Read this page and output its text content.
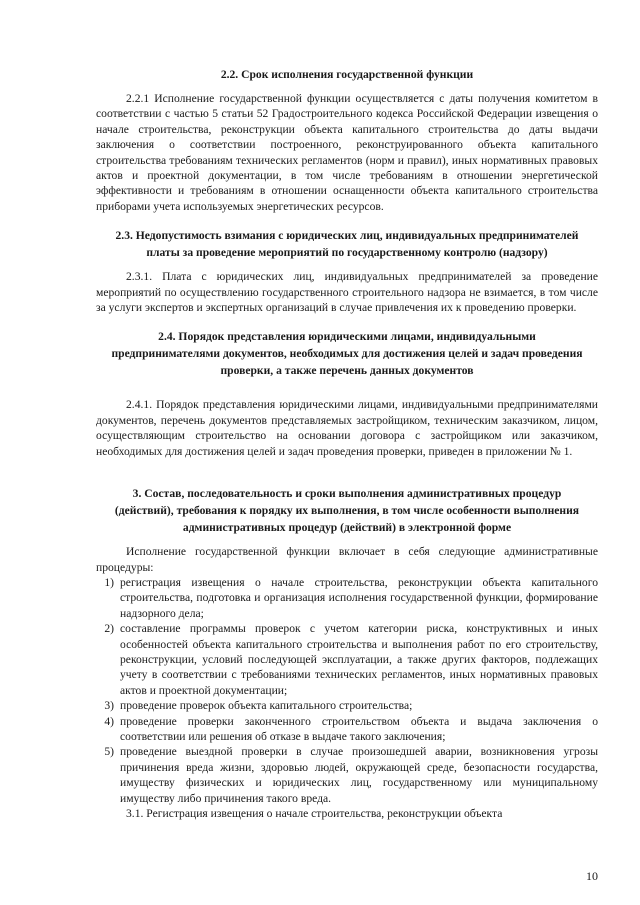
2.2. Срок исполнения государственной функции

2.2.1 Исполнение государственной функции осуществляется с даты получения комитетом в соответствии с частью 5 статьи 52 Градостроительного кодекса Российской Федерации извещения о начале строительства, реконструкции объекта капитального строительства до даты выдачи заключения о соответствии построенного, реконструированного объекта капитального строительства требованиям технических регламентов (норм и правил), иных нормативных правовых актов и проектной документации, в том числе требованиям в отношении энергетической эффективности и требованиям в отношении оснащенности объекта капитального строительства приборами учета используемых энергетических ресурсов.

2.3. Недопустимость взимания с юридических лиц, индивидуальных предпринимателей платы за проведение мероприятий по государственному контролю (надзору)

2.3.1. Плата с юридических лиц, индивидуальных предпринимателей за проведение мероприятий по осуществлению государственного строительного надзора не взимается, в том числе за услуги экспертов и экспертных организаций в случае привлечения их к проведению проверки.

2.4. Порядок представления юридическими лицами, индивидуальными предпринимателями документов, необходимых для достижения целей и задач проведения проверки, а также перечень данных документов

2.4.1. Порядок представления юридическими лицами, индивидуальными предпринимателями документов, перечень документов представляемых застройщиком, техническим заказчиком, лицом, осуществляющим строительство на основании договора с застройщиком или заказчиком, необходимых для достижения целей и задач проведения проверки, приведен в приложении № 1.

3. Состав, последовательность и сроки выполнения административных процедур (действий), требования к порядку их выполнения, в том числе особенности выполнения административных процедур (действий) в электронной форме

Исполнение государственной функции включает в себя следующие административные процедуры:

1) регистрация извещения о начале строительства, реконструкции объекта капитального строительства, подготовка и организация исполнения государственной функции, формирование надзорного дела;
2) составление программы проверок с учетом категории риска, конструктивных и иных особенностей объекта капитального строительства и выполнения работ по его строительству, реконструкции, условий последующей эксплуатации, а также других факторов, подлежащих учету в соответствии с требованиями технических регламентов, иных нормативных правовых актов и проектной документации;
3) проведение проверок объекта капитального строительства;
4) проведение проверки законченного строительством объекта и выдача заключения о соответствии или решения об отказе в выдаче такого заключения;
5) проведение выездной проверки в случае произошедшей аварии, возникновения угрозы причинения вреда жизни, здоровью людей, окружающей среде, безопасности государства, имуществу физических и юридических лиц, государственному или муниципальному имуществу либо причинения такого вреда.

3.1. Регистрация извещения о начале строительства, реконструкции объекта

10
